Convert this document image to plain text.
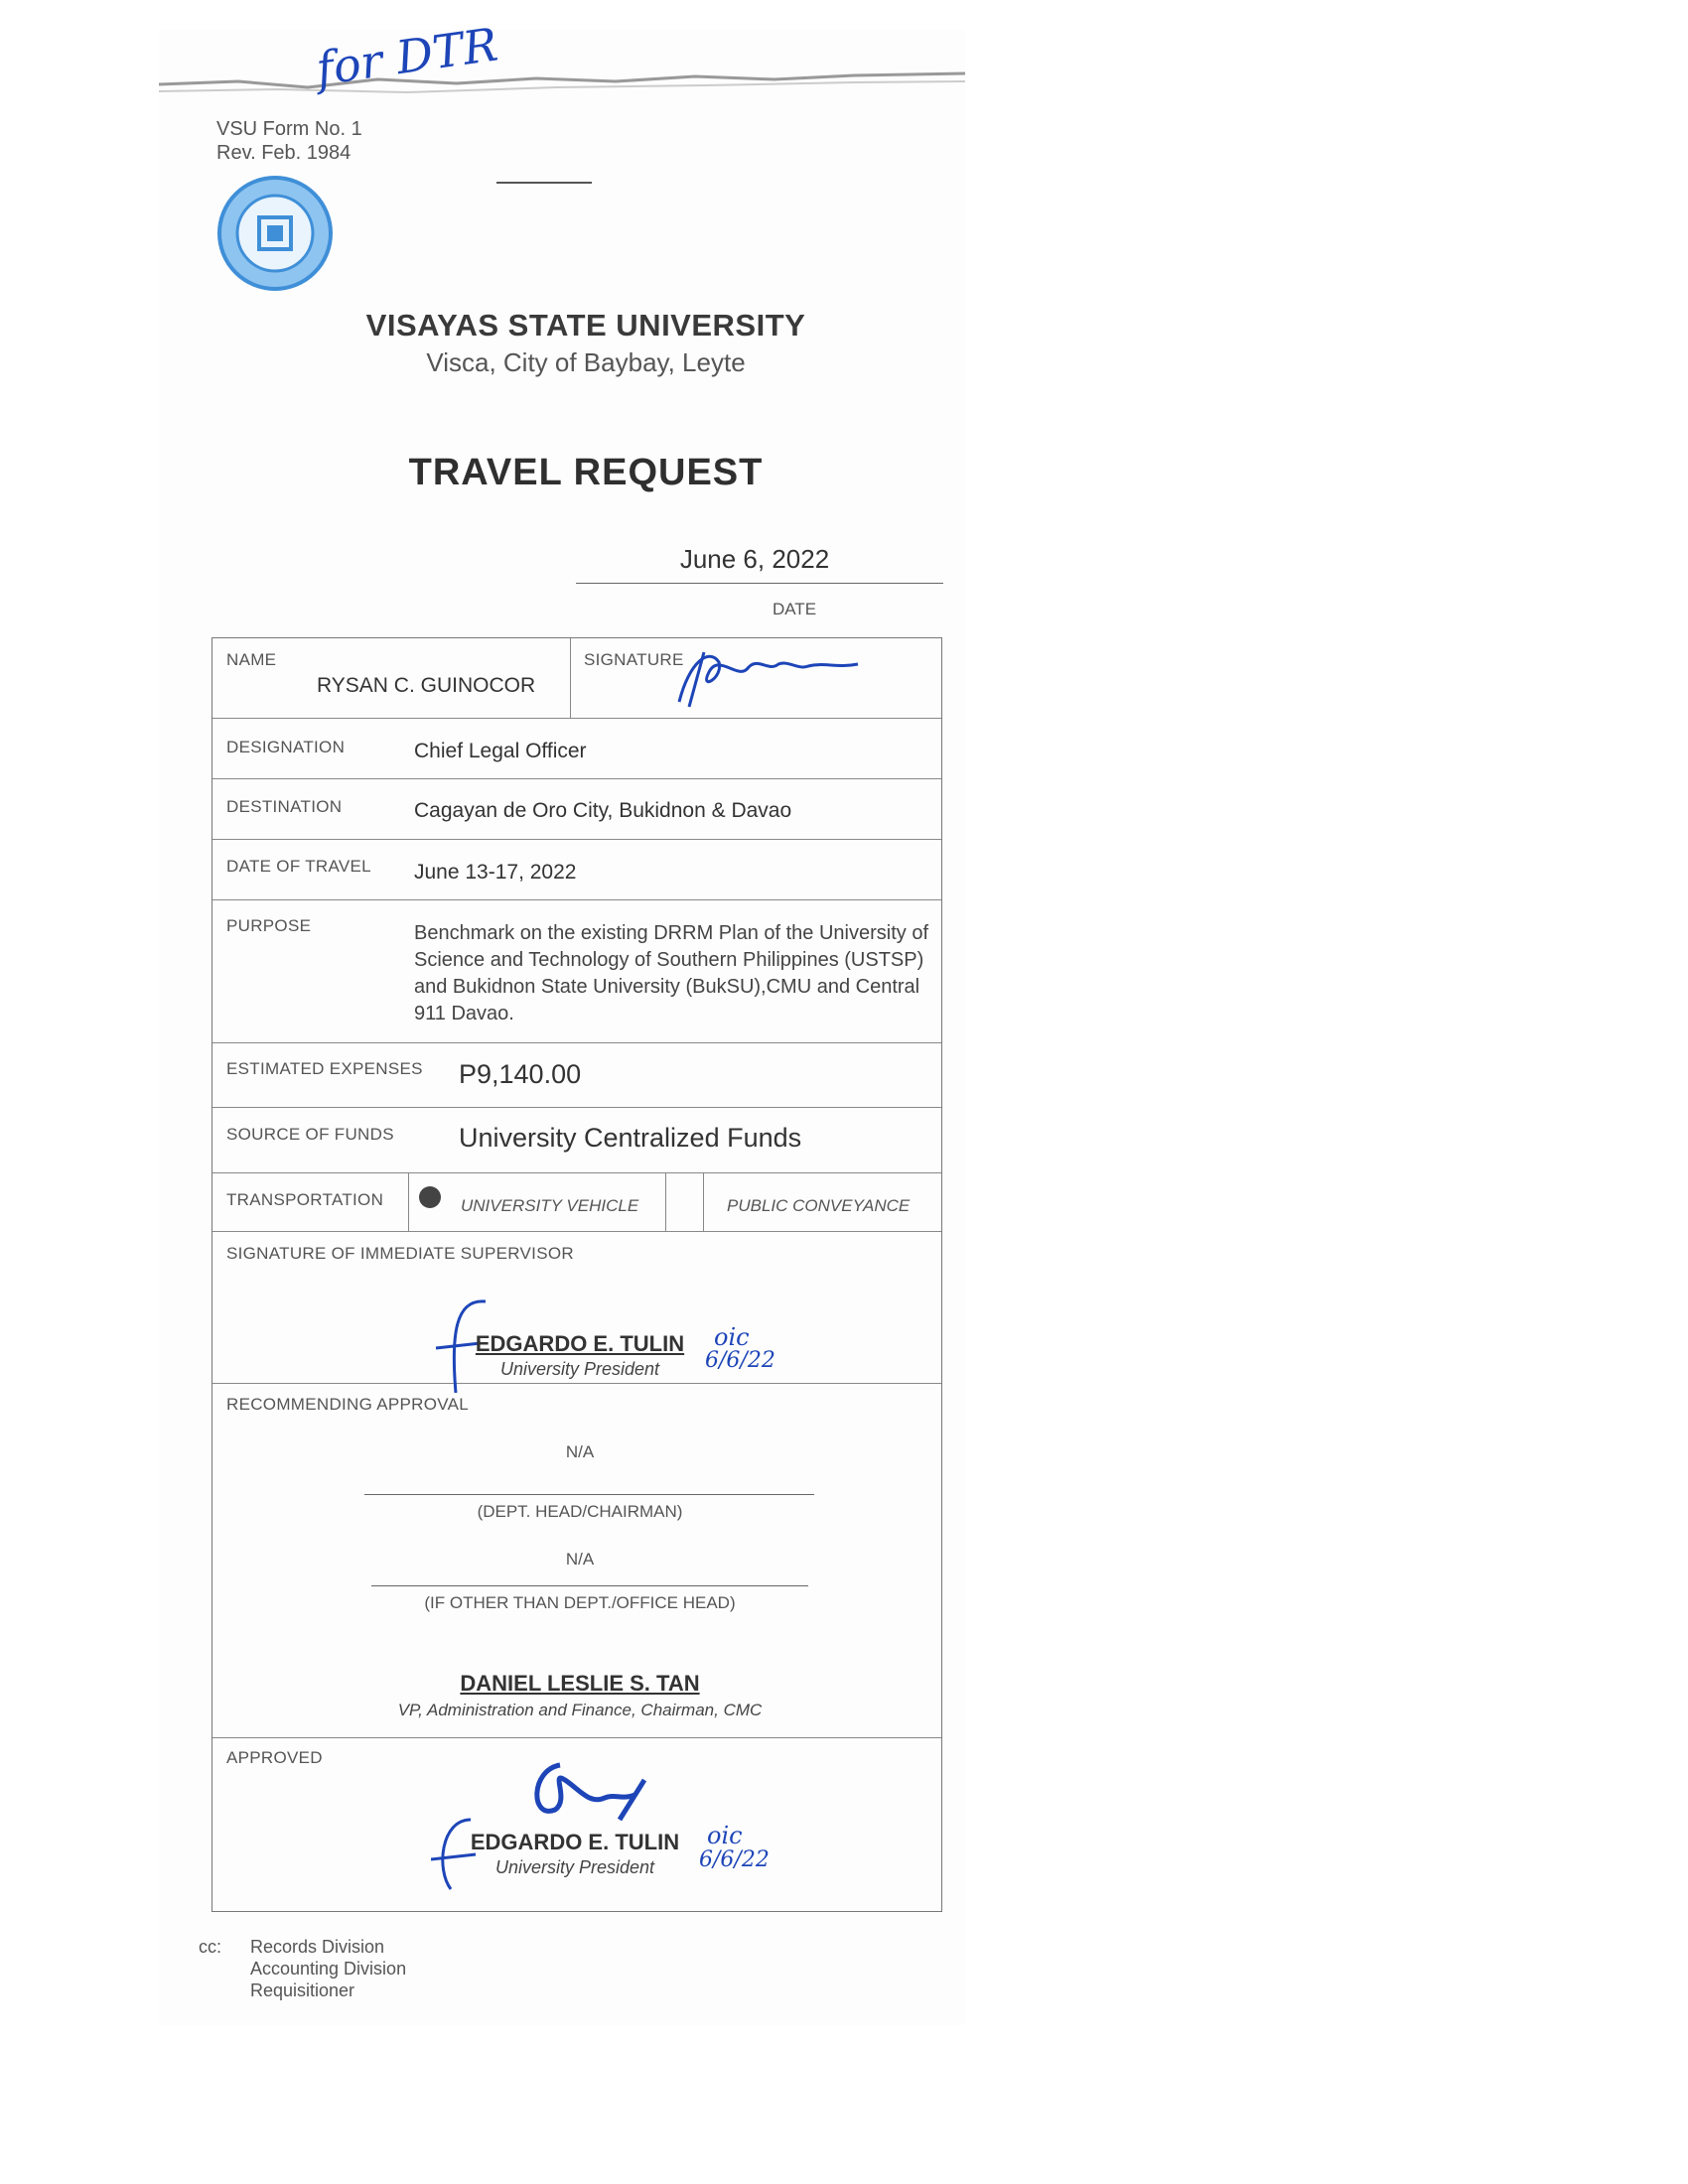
for DTR
VSU Form No. 1
Rev. Feb. 1984
VISAYAS STATE UNIVERSITY
Visca, City of Baybay, Leyte
TRAVEL REQUEST
June 6, 2022
DATE
NAME
RYSAN C. GUINOCOR
SIGNATURE
DESIGNATION	Chief Legal Officer
DESTINATION	Cagayan de Oro City, Bukidnon & Davao
DATE OF TRAVEL June 13-17, 2022
PURPOSE	Benchmark on the existing DRRM Plan of the University of Science and Technology of Southern Philippines (USTSP) and Bukidnon State University (BukSU),CMU and Central 911 Davao.
ESTIMATED EXPENSES P9,140.00
SOURCE OF FUNDS University Centralized Funds
TRANSPORTATION	UNIVERSITY VEHICLE	PUBLIC CONVEYANCE
SIGNATURE OF IMMEDIATE SUPERVISOR
EDGARDO E. TULIN
University President
oic
6/6/22
RECOMMENDING APPROVAL
N/A
(DEPT. HEAD/CHAIRMAN)
N/A
(IF OTHER THAN DEPT./OFFICE HEAD)
DANIEL LESLIE S. TAN
VP, Administration and Finance, Chairman, CMC
APPROVED
EDGARDO E. TULIN
University President
oic
6/6/22
cc: Records Division
Accounting Division
Requisitioner
